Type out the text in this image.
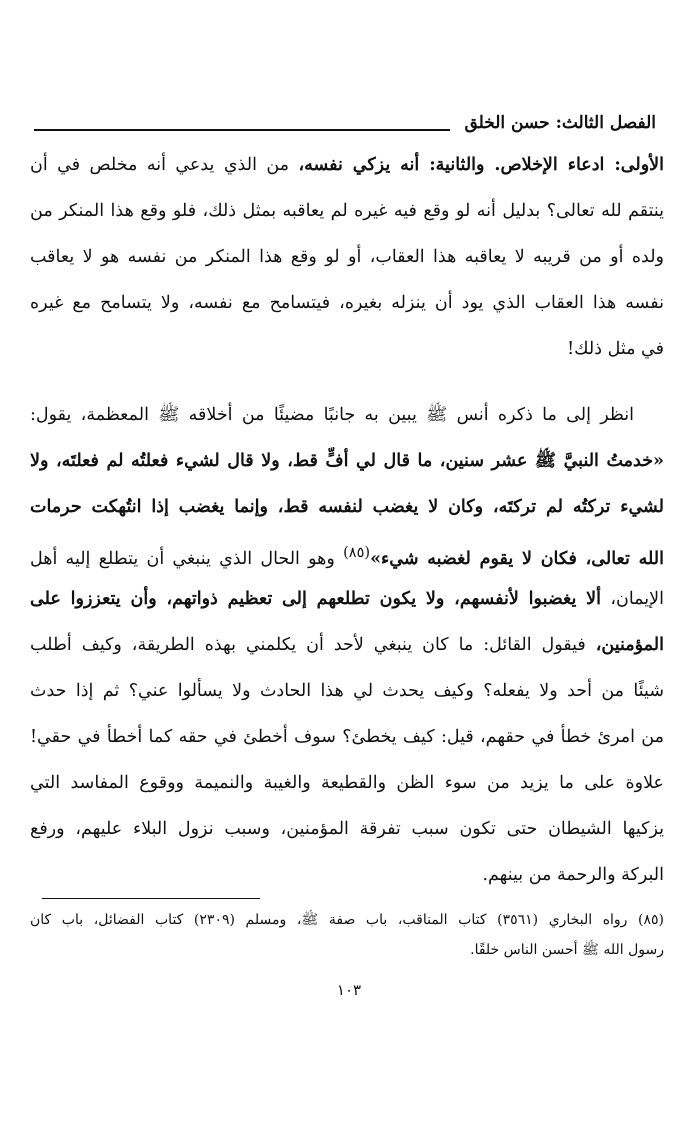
الفصل الثالث: حسن الخلق
الأولى: ادعاء الإخلاص. والثانية: أنه يزكي نفسه، من الذي يدعي أنه مخلص في أن
ينتقم لله تعالى؟ بدليل أنه لو وقع فيه غيره لم يعاقبه بمثل ذلك، فلو وقع هذا المنكر من
ولده أو من قريبه لا يعاقبه هذا العقاب، أو لو وقع هذا المنكر من نفسه هو لا يعاقب
نفسه هذا العقاب الذي يود أن ينزله بغيره، فيتسامح مع نفسه، ولا يتسامح مع غيره
في مثل ذلك!
انظر إلى ما ذكره أنس ﷺ يبين به جانبًا مضيئًا من أخلاقه ﷺ المعظمة، يقول:
«خدمتُ النبيَّ ﷺ عشر سنين، ما قال لي أفٍّ قط، ولا قال لشيء فعلتُه لم فعلتَه، ولا
لشيء تركتُه لم تركتَه، وكان لا يغضب لنفسه قط، وإنما يغضب إذا انتُهكت حرمات
الله تعالى، فكان لا يقوم لغضبه شيء»$^{(٨٥)}$ وهو الحال الذي ينبغي أن يتطلع إليه أهل
الإيمان، ألا يغضبوا لأنفسهم، ولا يكون تطلعهم إلى تعظيم ذواتهم، وأن يتعززوا على
المؤمنين، فيقول القائل: ما كان ينبغي لأحد أن يكلمني بهذه الطريقة، وكيف أطلب
شيئًا من أحد ولا يفعله؟ وكيف يحدث لي هذا الحادث ولا يسألوا عني؟ ثم إذا حدث
من امرئ خطأ في حقهم، قيل: كيف يخطئ؟ سوف أخطئ في حقه كما أخطأ في حقي!
علاوة على ما يزيد من سوء الظن والقطيعة والغيبة والنميمة ووقوع المفاسد التي
يزكيها الشيطان حتى تكون سبب تفرقة المؤمنين، وسبب نزول البلاء عليهم، ورفع
البركة والرحمة من بينهم.
(٨٥) رواه البخاري (٣٥٦١) كتاب المناقب، باب صفة ﷺ، ومسلم (٢٣٠٩) كتاب الفضائل، باب كان
رسول الله ﷺ أحسن الناس خلقًا.
١٠٣
